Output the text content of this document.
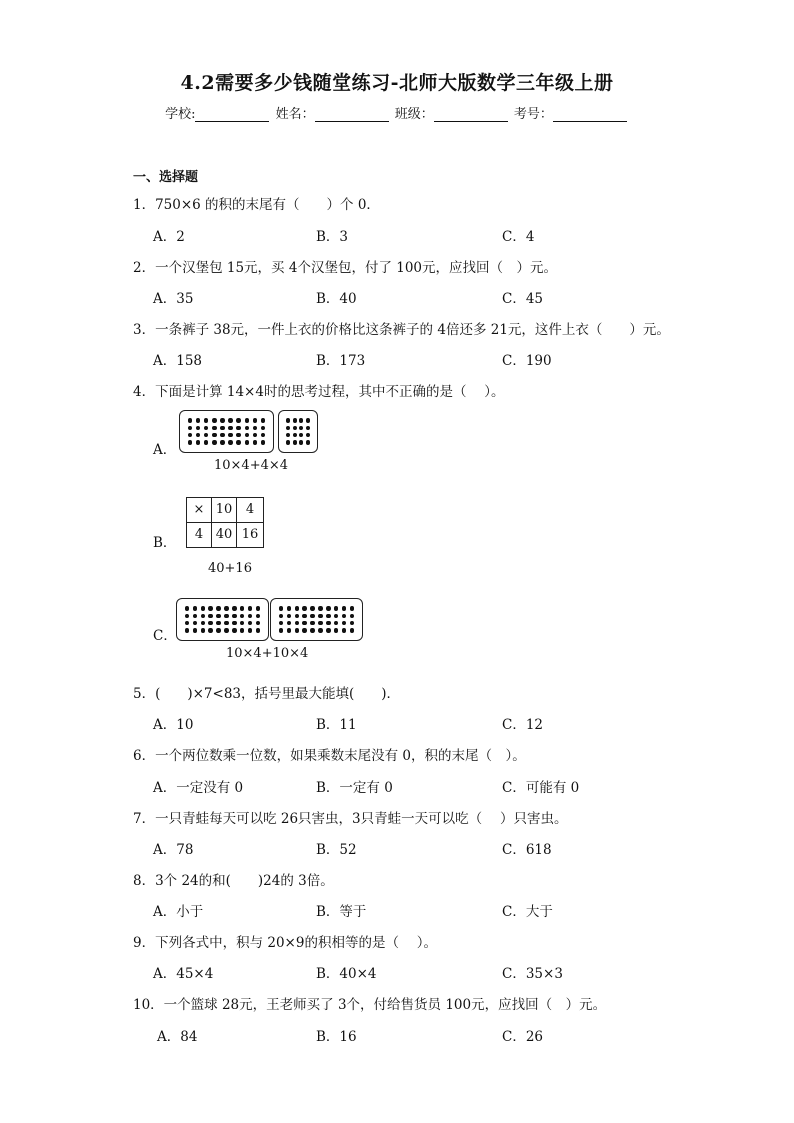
4.2需要多少钱随堂练习-北师大版数学三年级上册
学校:	姓名：	班级：	考号：
一、选择题
1．750×6 的积的末尾有（　　）个 0．
A．2	B．3	C．4
2．一个汉堡包 15元，买 4个汉堡包，付了 100元，应找回（　）元。
A．35	B．40	C．45
3．一条裤子 38元，一件上衣的价格比这条裤子的 4倍还多 21元，这件上衣（　　）元。
A．158	B．173	C．190
4．下面是计算 14×4时的思考过程，其中不正确的是（　 ）。
A．
10×4+4×4
B．
× 10	4
4 40 16
40+16
C．
10×4+10×4
5．(　　)×7<83，括号里最大能填(　　)．
A．10	B．11	C．12
6．一个两位数乘一位数，如果乘数末尾没有 0，积的末尾（　）。
A．一定没有 0	B．一定有 0	C．可能有 0
7．一只青蛙每天可以吃 26只害虫，3只青蛙一天可以吃（　 ）只害虫。
A．78	B．52	C．618
8．3个 24的和(　　)24的 3倍。
A．小于	B．等于	C．大于
9．下列各式中，积与 20×9的积相等的是（　 ）。
A．45×4	B．40×4	C．35×3
10．一个篮球 28元，王老师买了 3个，付给售货员 100元，应找回（　）元。
A．84	B．16	C．26
